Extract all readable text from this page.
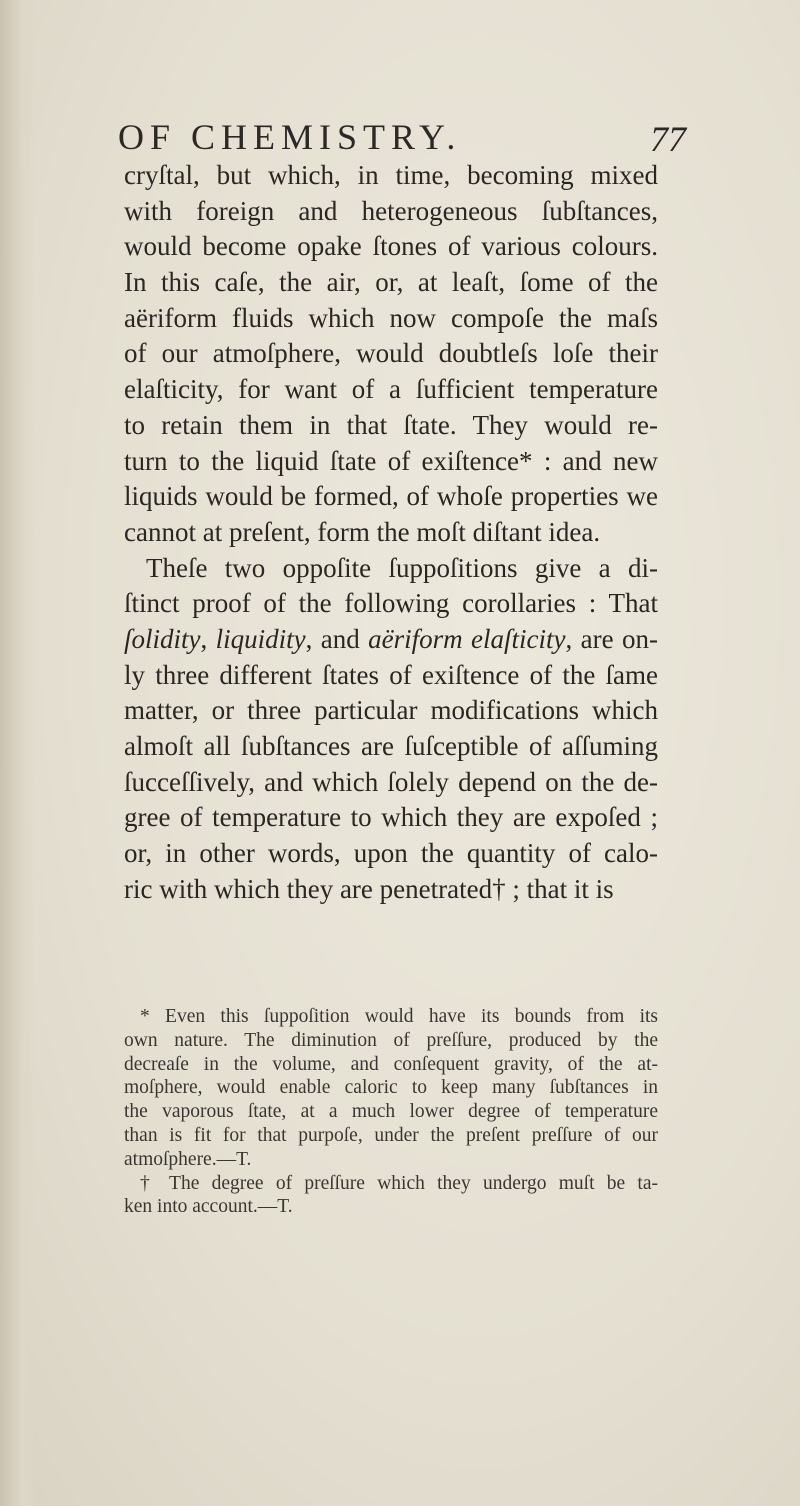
OF CHEMISTRY.	77
cryſtal, but which, in time, becoming mixed
with foreign and heterogeneous ſubſtances,
would become opake ſtones of various colours.
In this caſe, the air, or, at leaſt, ſome of the
aëriform fluids which now compoſe the maſs
of our atmoſphere, would doubtleſs loſe their
elaſticity, for want of a ſufficient temperature
to retain them in that ſtate. They would re-
turn to the liquid ſtate of exiſtence* : and new
liquids would be formed, of whoſe properties we
cannot at preſent, form the moſt diſtant idea.
Theſe two oppoſite ſuppoſitions give a di-
ſtinct proof of the following corollaries : That
ſolidity, liquidity, and aëriform elaſticity, are on-
ly three different ſtates of exiſtence of the ſame
matter, or three particular modifications which
almoſt all ſubſtances are ſuſceptible of aſſuming
ſucceſſively, and which ſolely depend on the de-
gree of temperature to which they are expoſed ;
or, in other words, upon the quantity of calo-
ric with which they are penetrated† ; that it is
* Even this ſuppoſition would have its bounds from its
own nature. The diminution of preſſure, produced by the
decreaſe in the volume, and conſequent gravity, of the at-
moſphere, would enable caloric to keep many ſubſtances in
the vaporous ſtate, at a much lower degree of temperature
than is fit for that purpoſe, under the preſent preſſure of our
atmoſphere.—T.
† The degree of preſſure which they undergo muſt be ta-
ken into account.—T.
